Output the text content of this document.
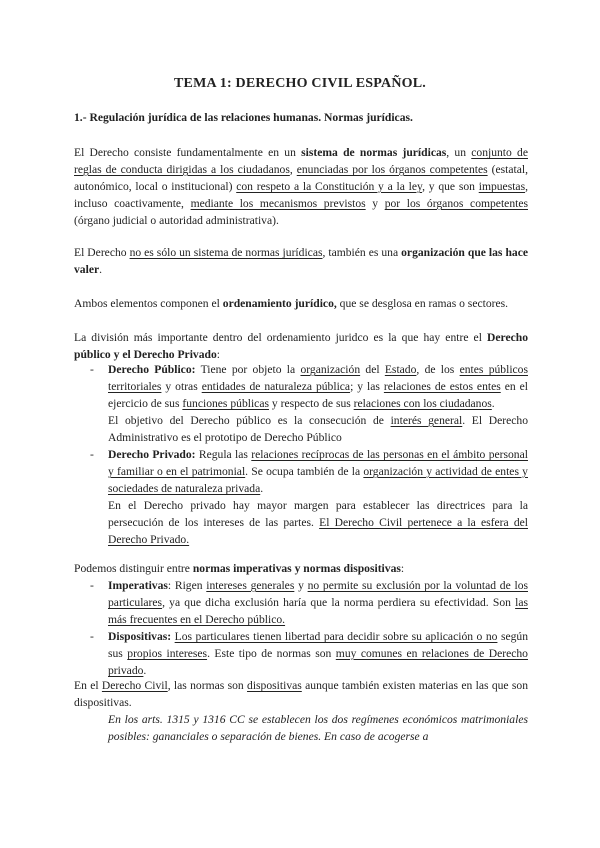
TEMA 1: DERECHO CIVIL ESPAÑOL.

1.- Regulación jurídica de las relaciones humanas. Normas jurídicas.

El Derecho consiste fundamentalmente en un sistema de normas jurídicas, un conjunto de reglas de conducta dirigidas a los ciudadanos, enunciadas por los órganos competentes (estatal, autonómico, local o institucional) con respeto a la Constitución y a la ley, y que son impuestas, incluso coactivamente, mediante los mecanismos previstos y por los órganos competentes (órgano judicial o autoridad administrativa).

El Derecho no es sólo un sistema de normas jurídicas, también es una organización que las hace valer.

Ambos elementos componen el ordenamiento jurídico, que se desglosa en ramas o sectores.

La división más importante dentro del ordenamiento juridco es la que hay entre el Derecho público y el Derecho Privado:

- Derecho Público: Tiene por objeto la organización del Estado, de los entes públicos territoriales y otras entidades de naturaleza pública; y las relaciones de estos entes en el ejercicio de sus funciones públicas y respecto de sus relaciones con los ciudadanos.
El objetivo del Derecho público es la consecución de interés general. El Derecho Administrativo es el prototipo de Derecho Público
- Derecho Privado: Regula las relaciones recíprocas de las personas en el ámbito personal y familiar o en el patrimonial. Se ocupa también de la organización y actividad de entes y sociedades de naturaleza privada.
En el Derecho privado hay mayor margen para establecer las directrices para la persecución de los intereses de las partes. El Derecho Civil pertenece a la esfera del Derecho Privado.

Podemos distinguir entre normas imperativas y normas dispositivas:

- Imperativas: Rigen intereses generales y no permite su exclusión por la voluntad de los particulares, ya que dicha exclusión haría que la norma perdiera su efectividad. Son las más frecuentes en el Derecho público.
- Dispositivas: Los particulares tienen libertad para decidir sobre su aplicación o no según sus propios intereses. Este tipo de normas son muy comunes en relaciones de Derecho privado.

En el Derecho Civil, las normas son dispositivas aunque también existen materias en las que son dispositivas.

En los arts. 1315 y 1316 CC se establecen los dos regímenes económicos matrimoniales posibles: gananciales o separación de bienes. En caso de acogerse a
